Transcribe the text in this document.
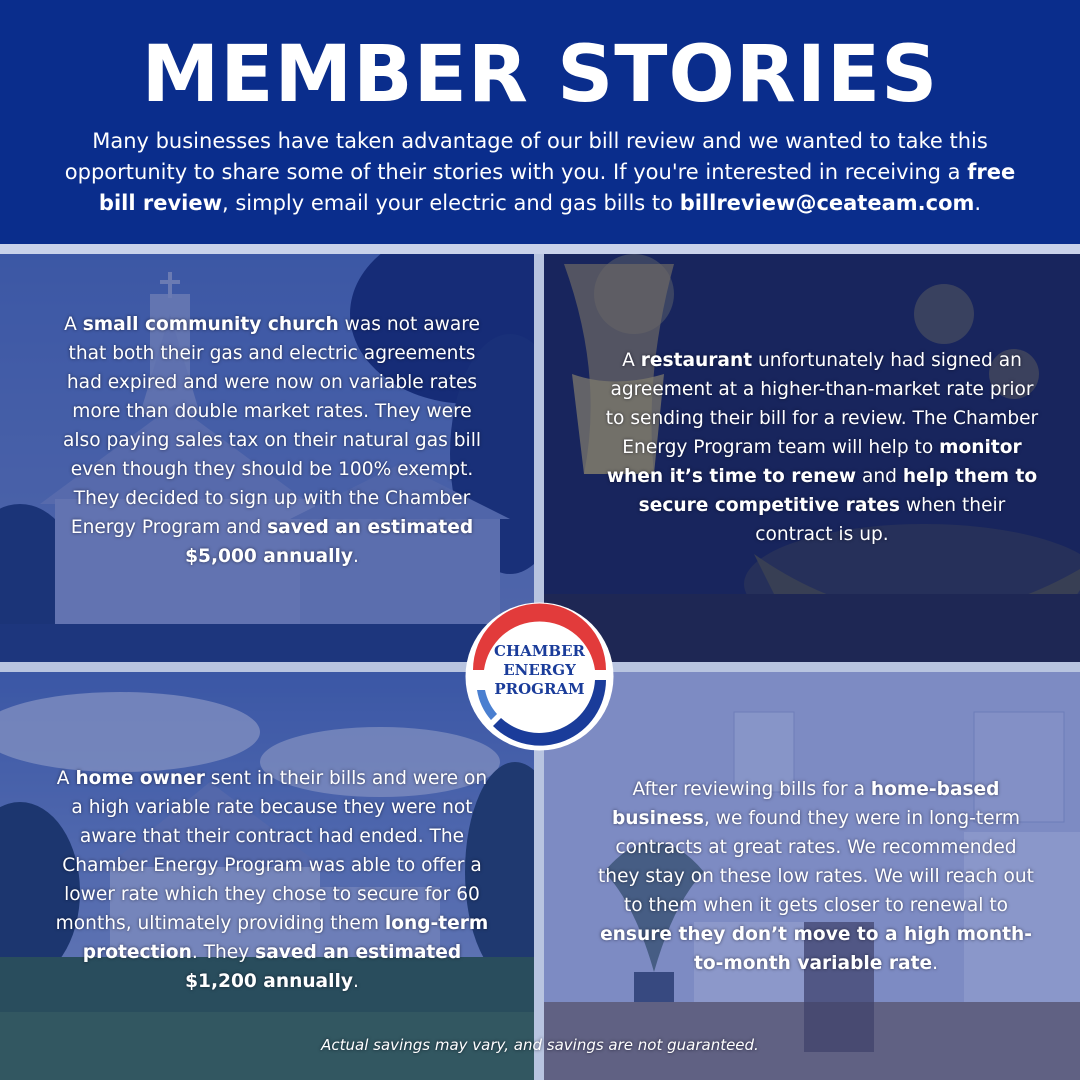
MEMBER STORIES

Many businesses have taken advantage of our bill review and we wanted to take this opportunity to share some of their stories with you. If you're interested in receiving a free bill review, simply email your electric and gas bills to billreview@ceateam.com.

A small community church was not aware that both their gas and electric agreements had expired and were now on variable rates more than double market rates. They were also paying sales tax on their natural gas bill even though they should be 100% exempt. They decided to sign up with the Chamber Energy Program and saved an estimated $5,000 annually.

A restaurant unfortunately had signed an agreement at a higher-than-market rate prior to sending their bill for a review. The Chamber Energy Program team will help to monitor when it’s time to renew and help them to secure competitive rates when their contract is up.

A home owner sent in their bills and were on a high variable rate because they were not aware that their contract had ended. The Chamber Energy Program was able to offer a lower rate which they chose to secure for 60 months, ultimately providing them long-term protection. They saved an estimated $1,200 annually.

After reviewing bills for a home-based business, we found they were in long-term contracts at great rates. We recommended they stay on these low rates. We will reach out to them when it gets closer to renewal to ensure they don’t move to a high month-to-month variable rate.

CHAMBER
ENERGY
PROGRAM
Actual savings may vary, and savings are not guaranteed.
